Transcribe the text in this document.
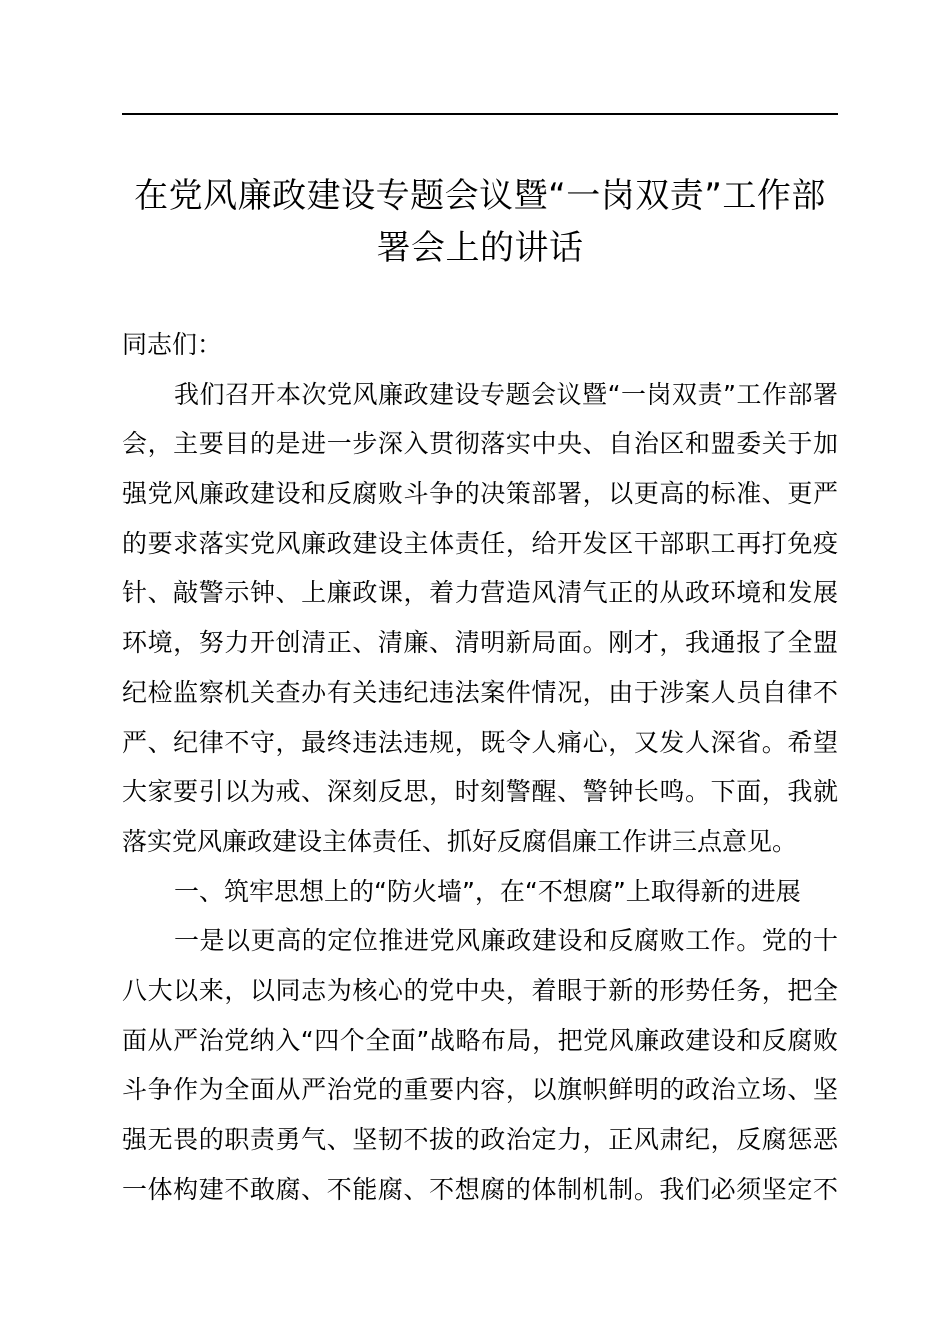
在党风廉政建设专题会议暨“一岗双责”工作部
署会上的讲话
同志们：
我们召开本次党风廉政建设专题会议暨“一岗双责”工作部署
会，主要目的是进一步深入贯彻落实中央、自治区和盟委关于加
强党风廉政建设和反腐败斗争的决策部署，以更高的标准、更严
的要求落实党风廉政建设主体责任，给开发区干部职工再打免疫
针、敲警示钟、上廉政课，着力营造风清气正的从政环境和发展
环境，努力开创清正、清廉、清明新局面。刚才，我通报了全盟
纪检监察机关查办有关违纪违法案件情况，由于涉案人员自律不
严、纪律不守，最终违法违规，既令人痛心，又发人深省。希望
大家要引以为戒、深刻反思，时刻警醒、警钟长鸣。下面，我就
落实党风廉政建设主体责任、抓好反腐倡廉工作讲三点意见。
一、筑牢思想上的“防火墙”，在“不想腐”上取得新的进展
一是以更高的定位推进党风廉政建设和反腐败工作。党的十
八大以来，以同志为核心的党中央，着眼于新的形势任务，把全
面从严治党纳入“四个全面”战略布局，把党风廉政建设和反腐败
斗争作为全面从严治党的重要内容，以旗帜鲜明的政治立场、坚
强无畏的职责勇气、坚韧不拔的政治定力，正风肃纪，反腐惩恶
一体构建不敢腐、不能腐、不想腐的体制机制。我们必须坚定不
